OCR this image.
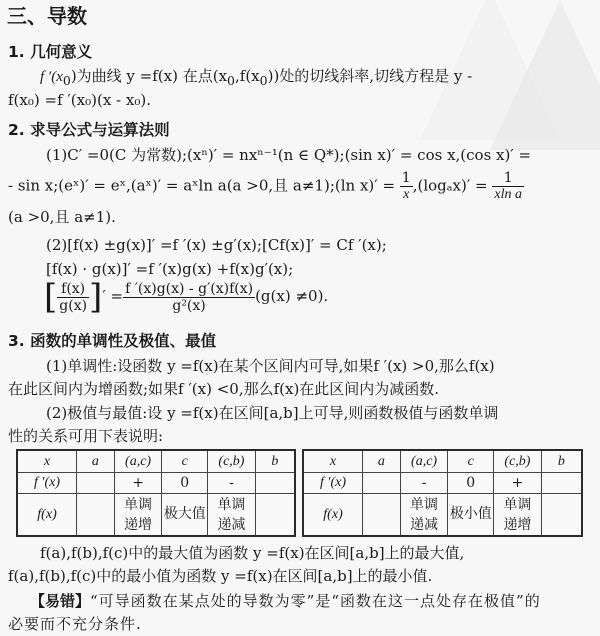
三、导数
1. 几何意义
f $'(x_0)$为曲线 y =f(x) 在点$(x_0,f(x_0))$处的切线斜率,切线方程是 y -
f(x₀) =f ′(x₀)(x - x₀).
2. 求导公式与运算法则
(1)C′ =0(C 为常数);(xⁿ)′ = nxⁿ⁻¹(n ∈ Q*);(sin x)′ = cos x,(cos x)′ =
- sin x;(eˣ)′ = eˣ,(aˣ)′ = aˣln a(a >0,且 a≠1);(ln $x)' = \frac{1}{x} ,(\log_ax)' = \frac{1}{\text{xln a}}$
(a >0,且 a≠1).
(2)[f(x) ±g(x)]′ =f ′(x) ±g′(x);[Cf(x)]′ = Cf ′(x);
[f(x) · g(x)]′ =f ′(x)g(x) +f(x)g′(x);
[ $\frac{f(x)}{g(x)}$ ]′ = $\frac{f '(x)g(x) - g'(x)f(x)}{\text{g²(x)}} (g(x) \ne 0)$.
3. 函数的单调性及极值、最值
(1)单调性:设函数 y =f(x)在某个区间内可导,如果f ′(x) >0,那么f(x)
在此区间内为增函数;如果f ′(x) <0,那么f(x)在此区间内为减函数.
(2)极值与最值:设 y =f(x)在区间[a,b]上可导,则函数极值与函数单调
性的关系可用下表说明:
x	a	(a,c)	c	(c,b)	b
f ′(x)		+	0	-	
f(x)		单调递增	极大值	单调递减	
x	a	(a,c)	c	(c,b)	b
f ′(x)		-	0	+	
f(x)		单调递减	极小值	单调递增	
f(a),f(b),f(c)中的最大值为函数 y =f(x)在区间[a,b]上的最大值,
f(a),f(b),f(c)中的最小值为函数 y =f(x)在区间[a,b]上的最小值.
【易错】“可导函数在某点处的导数为零”是“函数在这一点处存在极值”的
必要而不充分条件.
